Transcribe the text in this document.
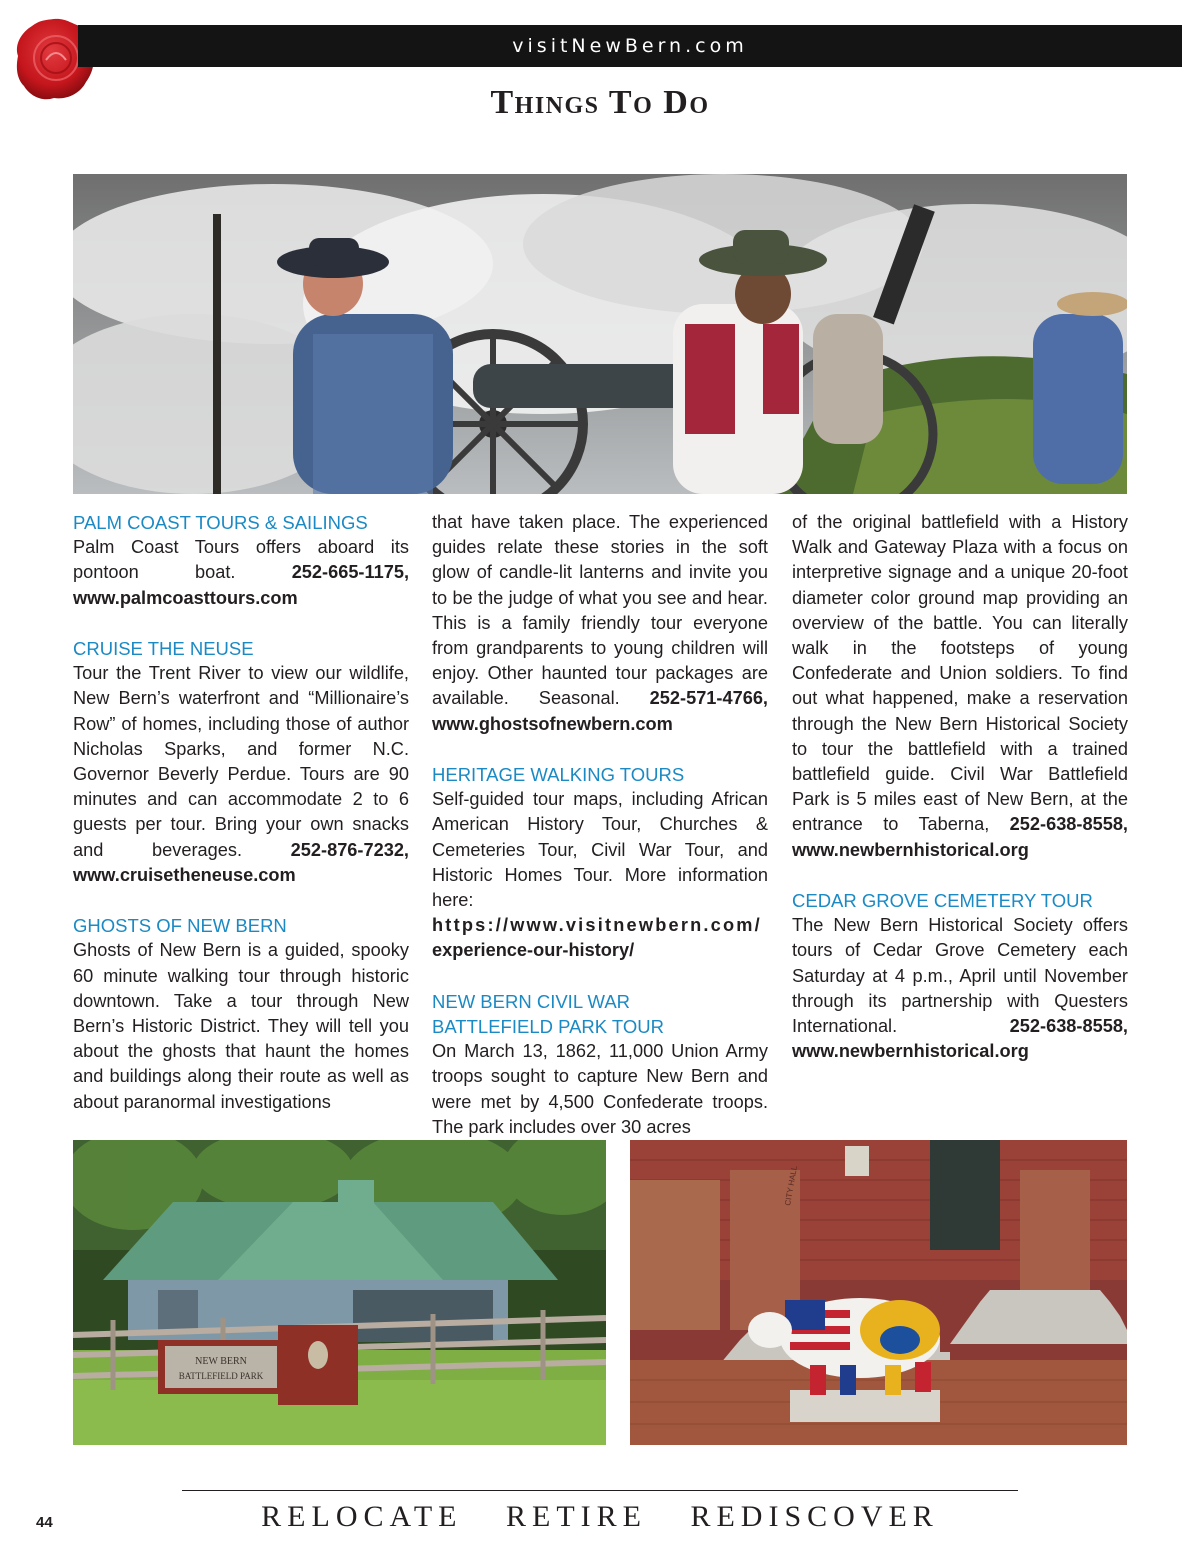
visitNewBern.com
Things To Do
PALM COAST TOURS & SAILINGS

Palm Coast Tours offers aboard its pontoon boat. 252-665-1175, www.palmcoasttours.com

CRUISE THE NEUSE

Tour the Trent River to view our wildlife, New Bern’s waterfront and “Millionaire’s Row” of homes, including those of author Nicholas Sparks, and former N.C. Governor Beverly Perdue. Tours are 90 minutes and can accommodate 2 to 6 guests per tour. Bring your own snacks and beverages. 252-876-7232, www.cruisetheneuse.com

GHOSTS OF NEW BERN

Ghosts of New Bern is a guided, spooky 60 minute walking tour through historic downtown. Take a tour through New Bern’s Historic District. They will tell you about the ghosts that haunt the homes and buildings along their route as well as about paranormal investigations

that have taken place. The experienced guides relate these stories in the soft glow of candle-lit lanterns and invite you to be the judge of what you see and hear. This is a family friendly tour everyone from grandparents to young children will enjoy. Other haunted tour packages are available. Seasonal. 252-571-4766, www.ghostsofnewbern.com

HERITAGE WALKING TOURS

Self-guided tour maps, including African American History Tour, Churches & Cemeteries Tour, Civil War Tour, and Historic Homes Tour. More information here: https://www.visitnewbern.com/
experience-our-history/

NEW BERN CIVIL WAR
BATTLEFIELD PARK TOUR

On March 13, 1862, 11,000 Union Army troops sought to capture New Bern and were met by 4,500 Confederate troops. The park includes over 30 acres

of the original battlefield with a History Walk and Gateway Plaza with a focus on interpretive signage and a unique 20-foot diameter color ground map providing an overview of the battle. You can literally walk in the footsteps of young Confederate and Union soldiers. To find out what happened, make a reservation through the New Bern Historical Society to tour the battlefield with a trained battlefield guide. Civil War Battlefield Park is 5 miles east of New Bern, at the entrance to Taberna, 252-638-8558, www.newbernhistorical.org

CEDAR GROVE CEMETERY TOUR

The New Bern Historical Society offers tours of Cedar Grove Cemetery each Saturday at 4 p.m., April until November through its partnership with Questers International. 252-638-8558, www.newbernhistorical.org

NEW BERN
BATTLEFIELD PARK
CITY HALL
RELOCATE RETIRE REDISCOVER
44
